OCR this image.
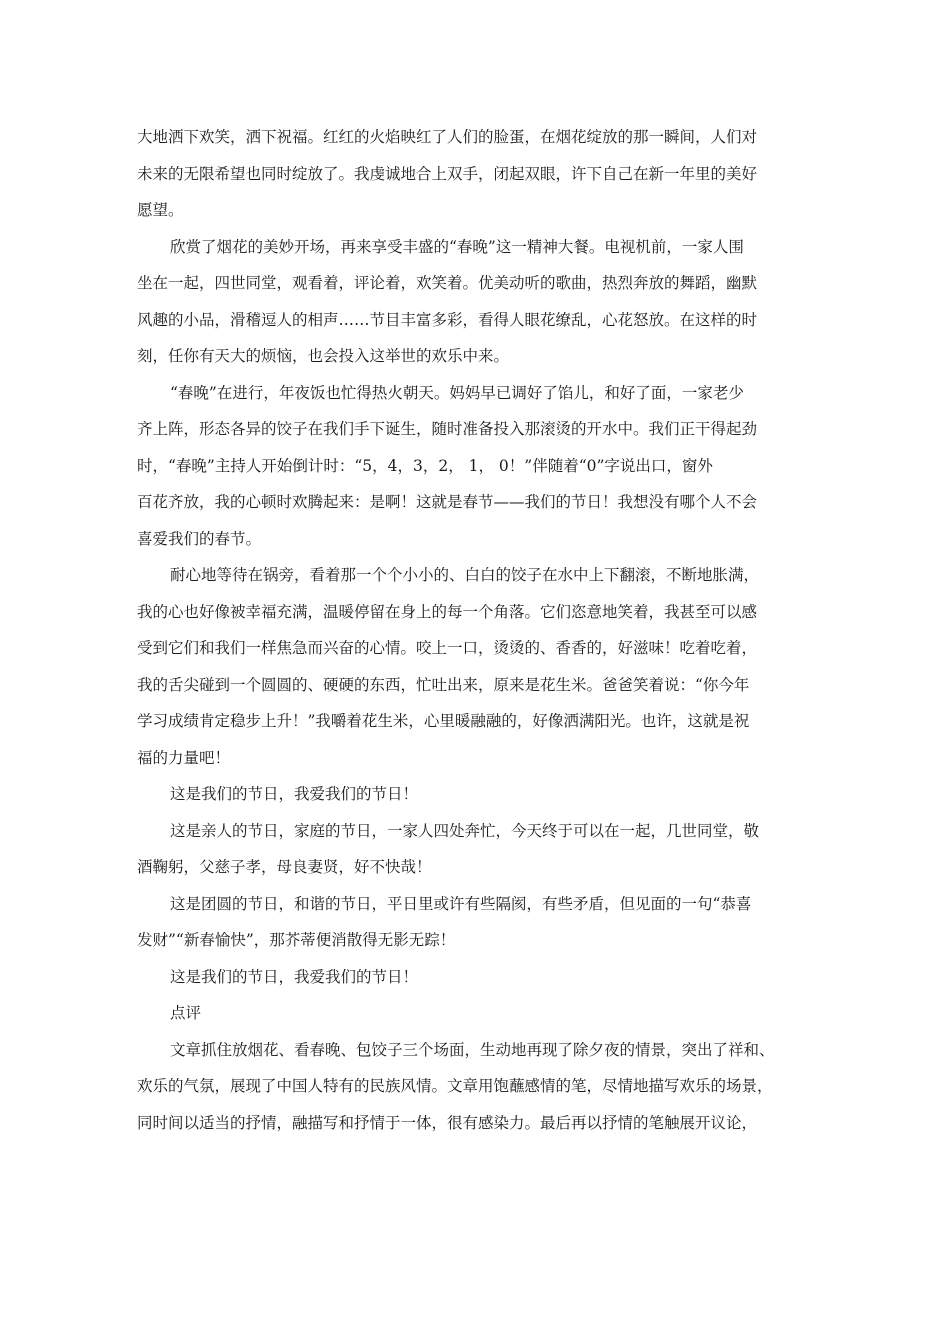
大地洒下欢笑，洒下祝福。红红的火焰映红了人们的脸蛋，在烟花绽放的那一瞬间，人们对
未来的无限希望也同时绽放了。我虔诚地合上双手，闭起双眼，许下自己在新一年里的美好
愿望。
欣赏了烟花的美妙开场，再来享受丰盛的“春晚”这一精神大餐。电视机前，一家人围
坐在一起，四世同堂，观看着，评论着，欢笑着。优美动听的歌曲，热烈奔放的舞蹈，幽默
风趣的小品，滑稽逗人的相声……节目丰富多彩，看得人眼花缭乱，心花怒放。在这样的时
刻，任你有天大的烦恼，也会投入这举世的欢乐中来。
“春晚”在进行，年夜饭也忙得热火朝天。妈妈早已调好了馅儿，和好了面，一家老少
齐上阵，形态各异的饺子在我们手下诞生，随时准备投入那滚烫的开水中。我们正干得起劲
时，“春晚”主持人开始倒计时：“5，4，3，2， 1， 0！”伴随着“0”字说出口，窗外
百花齐放，我的心顿时欢腾起来：是啊！这就是春节——我们的节日！我想没有哪个人不会
喜爱我们的春节。
耐心地等待在锅旁，看着那一个个小小的、白白的饺子在水中上下翻滚，不断地胀满，
我的心也好像被幸福充满，温暖停留在身上的每一个角落。它们恣意地笑着，我甚至可以感
受到它们和我们一样焦急而兴奋的心情。咬上一口，烫烫的、香香的，好滋味！吃着吃着，
我的舌尖碰到一个圆圆的、硬硬的东西，忙吐出来，原来是花生米。爸爸笑着说：“你今年
学习成绩肯定稳步上升！”我嚼着花生米，心里暖融融的，好像洒满阳光。也许，这就是祝
福的力量吧！
这是我们的节日，我爱我们的节日！
这是亲人的节日，家庭的节日，一家人四处奔忙，今天终于可以在一起，几世同堂，敬
酒鞠躬，父慈子孝，母良妻贤，好不快哉！
这是团圆的节日，和谐的节日，平日里或许有些隔阂，有些矛盾，但见面的一句“恭喜
发财”“新春愉快”，那芥蒂便消散得无影无踪！
这是我们的节日，我爱我们的节日！
点评
文章抓住放烟花、看春晚、包饺子三个场面，生动地再现了除夕夜的情景，突出了祥和、
欢乐的气氛，展现了中国人特有的民族风情。文章用饱蘸感情的笔，尽情地描写欢乐的场景，
同时间以适当的抒情，融描写和抒情于一体，很有感染力。最后再以抒情的笔触展开议论，
